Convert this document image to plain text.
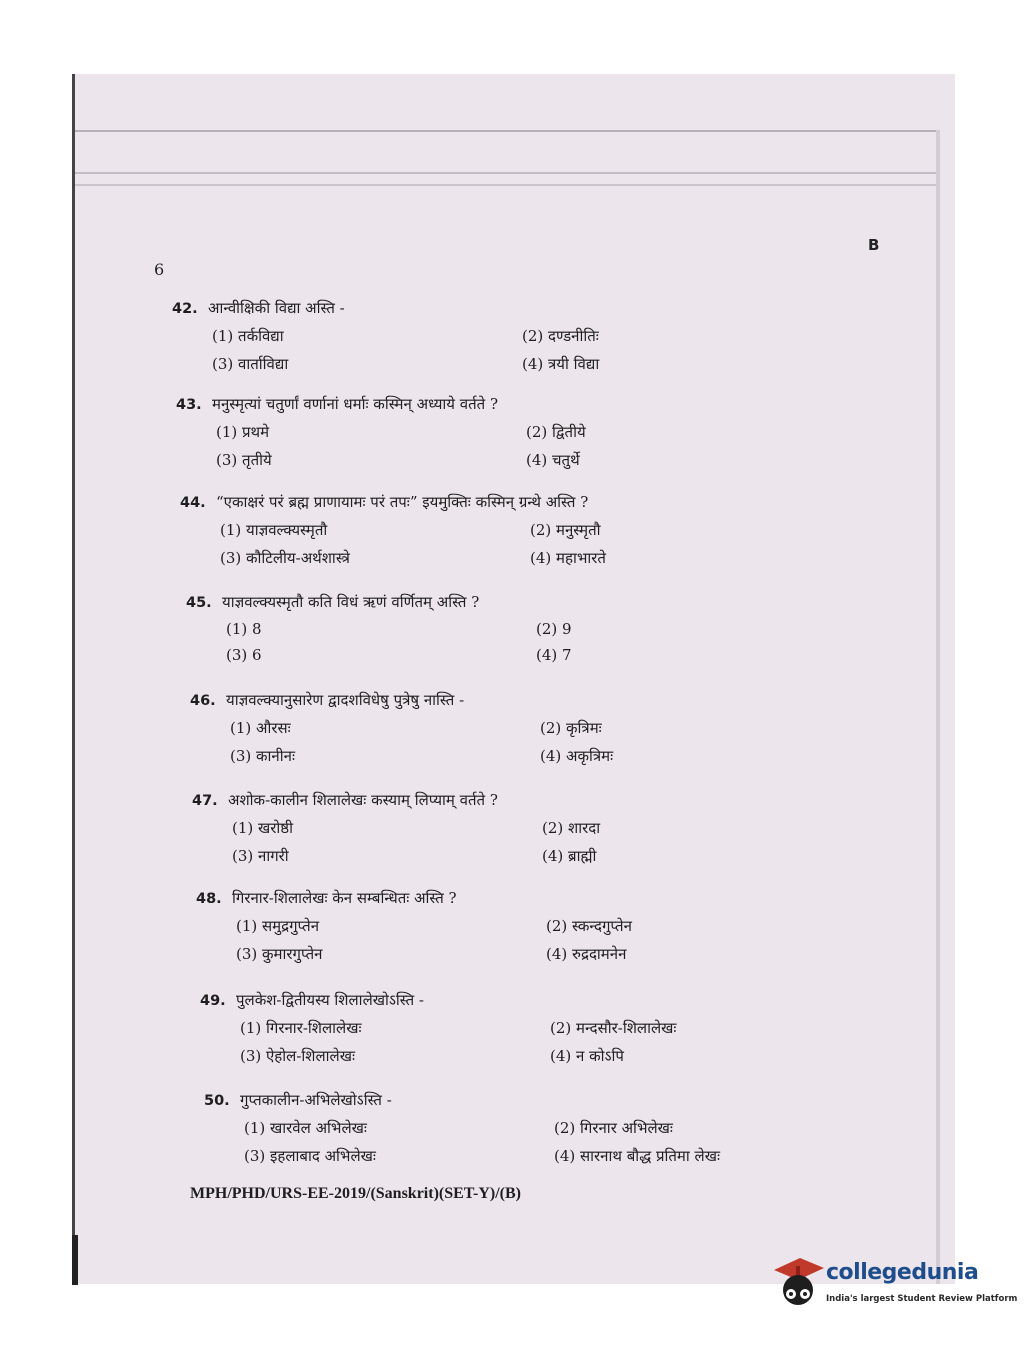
6
B
42. आन्वीक्षिकी विद्या अस्ति -
(1) तर्कविद्या	(2) दण्डनीतिः
(3) वार्ताविद्या	(4) त्रयी विद्या
43. मनुस्मृत्यां चतुर्णां वर्णानां धर्माः कस्मिन् अध्याये वर्तते ?
(1) प्रथमे	(2) द्वितीये
(3) तृतीये	(4) चतुर्थे
44. “एकाक्षरं परं ब्रह्म प्राणायामः परं तपः” इयमुक्तिः कस्मिन् ग्रन्थे अस्ति ?
(1) याज्ञवल्क्यस्मृतौ	(2) मनुस्मृतौ
(3) कौटिलीय-अर्थशास्त्रे	(4) महाभारते
45. याज्ञवल्क्यस्मृतौ कति विधं ऋणं वर्णितम् अस्ति ?
(1) 8	(2) 9
(3) 6	(4) 7
46. याज्ञवल्क्यानुसारेण द्वादशविधेषु पुत्रेषु नास्ति -
(1) औरसः	(2) कृत्रिमः
(3) कानीनः	(4) अकृत्रिमः
47. अशोक-कालीन शिलालेखः कस्याम् लिप्याम् वर्तते ?
(1) खरोष्ठी	(2) शारदा
(3) नागरी	(4) ब्राह्मी
48. गिरनार-शिलालेखः केन सम्बन्धितः अस्ति ?
(1) समुद्रगुप्तेन	(2) स्कन्दगुप्तेन
(3) कुमारगुप्तेन	(4) रुद्रदामनेन
49. पुलकेश-द्वितीयस्य शिलालेखोऽस्ति -
(1) गिरनार-शिलालेखः	(2) मन्दसौर-शिलालेखः
(3) ऐहोल-शिलालेखः	(4) न कोऽपि
50. गुप्तकालीन-अभिलेखोऽस्ति -
(1) खारवेल अभिलेखः	(2) गिरनार अभिलेखः
(3) इहलाबाद अभिलेखः	(4) सारनाथ बौद्ध प्रतिमा लेखः
MPH/PHD/URS-EE-2019/(Sanskrit)(SET-Y)/(B)
collegedunia
India's largest Student Review Platform
